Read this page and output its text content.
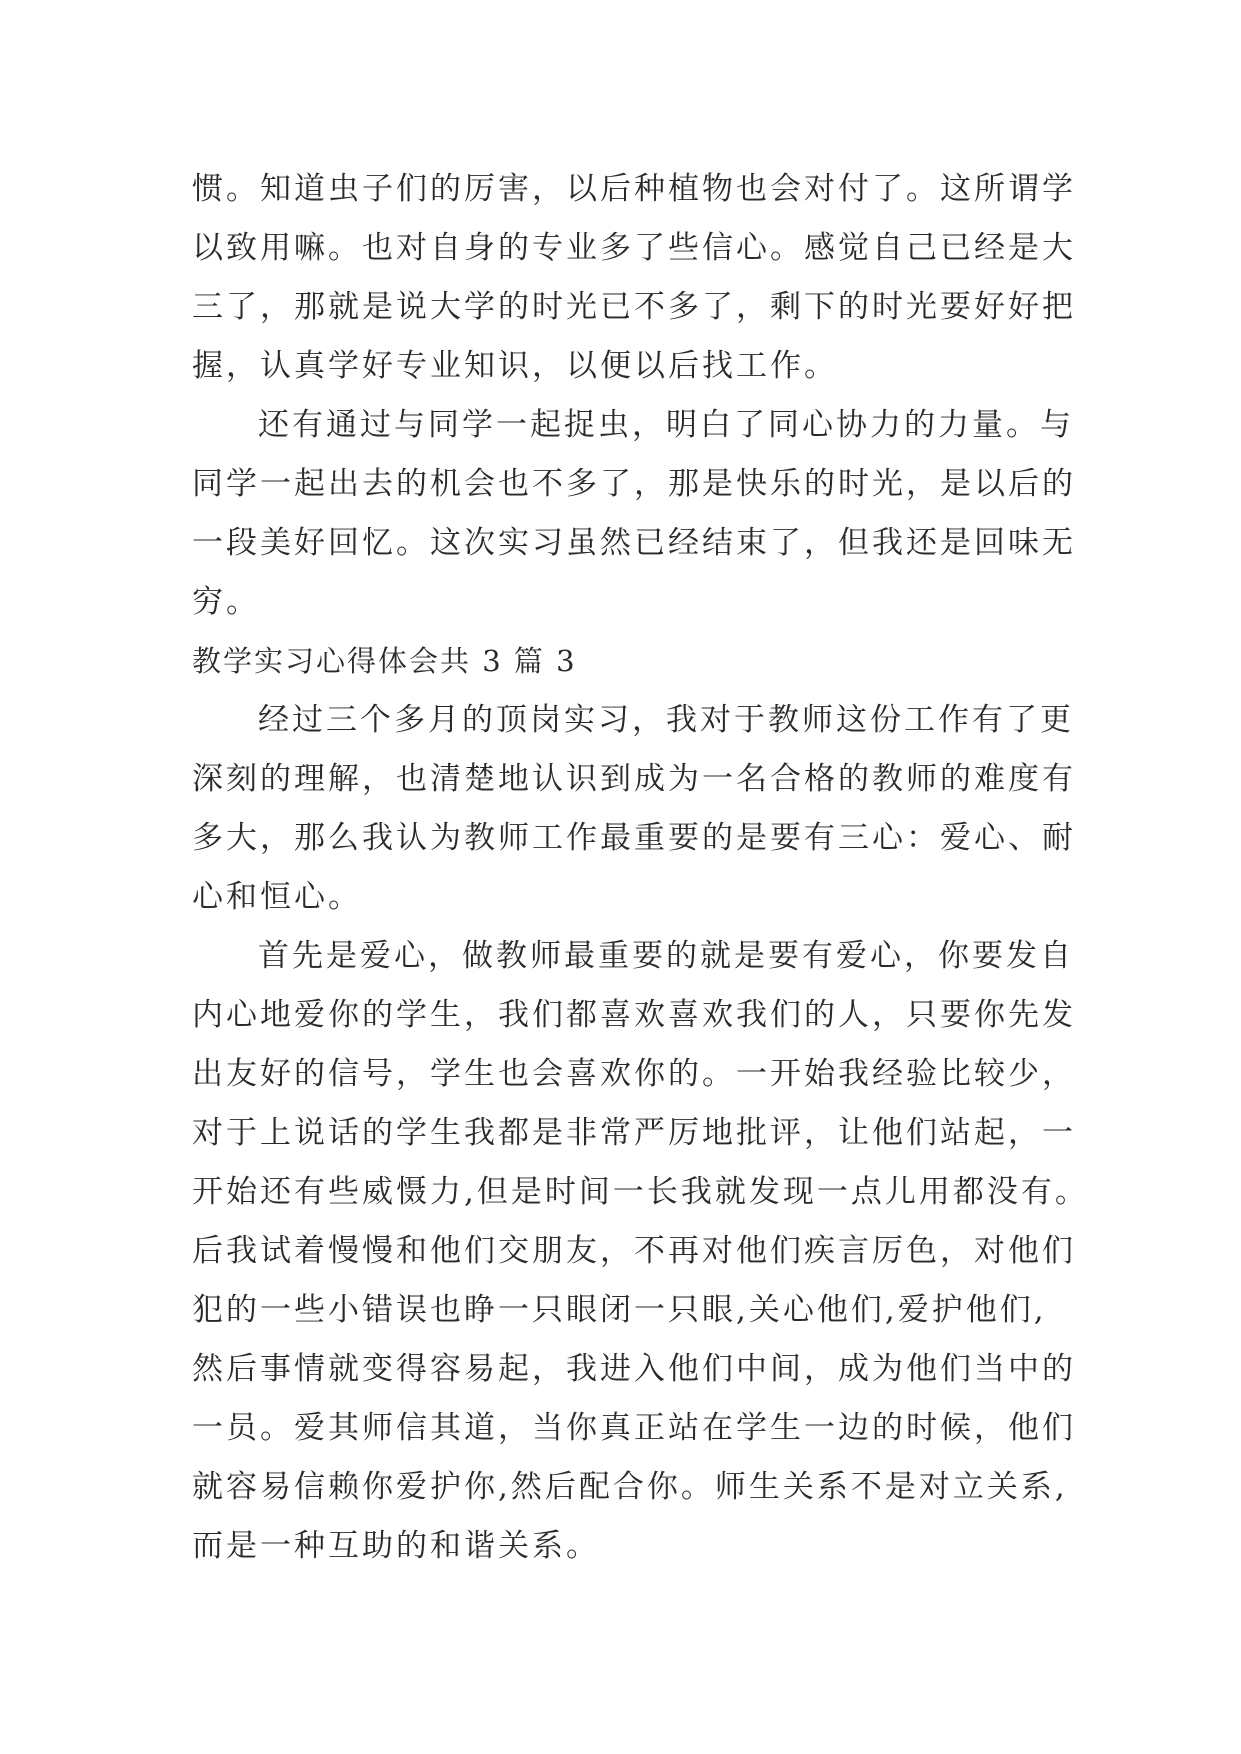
惯。知道虫子们的厉害，以后种植物也会对付了。这所谓学
以致用嘛。也对自身的专业多了些信心。感觉自己已经是大
三了，那就是说大学的时光已不多了，剩下的时光要好好把
握，认真学好专业知识，以便以后找工作。
还有通过与同学一起捉虫，明白了同心协力的力量。与
同学一起出去的机会也不多了，那是快乐的时光，是以后的
一段美好回忆。这次实习虽然已经结束了，但我还是回味无
穷。
教学实习心得体会共 3 篇 3
经过三个多月的顶岗实习，我对于教师这份工作有了更
深刻的理解，也清楚地认识到成为一名合格的教师的难度有
多大，那么我认为教师工作最重要的是要有三心：爱心、耐
心和恒心。
首先是爱心，做教师最重要的就是要有爱心，你要发自
内心地爱你的学生，我们都喜欢喜欢我们的人，只要你先发
出友好的信号，学生也会喜欢你的。一开始我经验比较少，
对于上说话的学生我都是非常严厉地批评，让他们站起，一
开始还有些威慑力,但是时间一长我就发现一点儿用都没有。
后我试着慢慢和他们交朋友，不再对他们疾言厉色，对他们
犯的一些小错误也睁一只眼闭一只眼,关心他们,爱护他们,
然后事情就变得容易起，我进入他们中间，成为他们当中的
一员。爱其师信其道，当你真正站在学生一边的时候，他们
就容易信赖你爱护你,然后配合你。师生关系不是对立关系,
而是一种互助的和谐关系。
